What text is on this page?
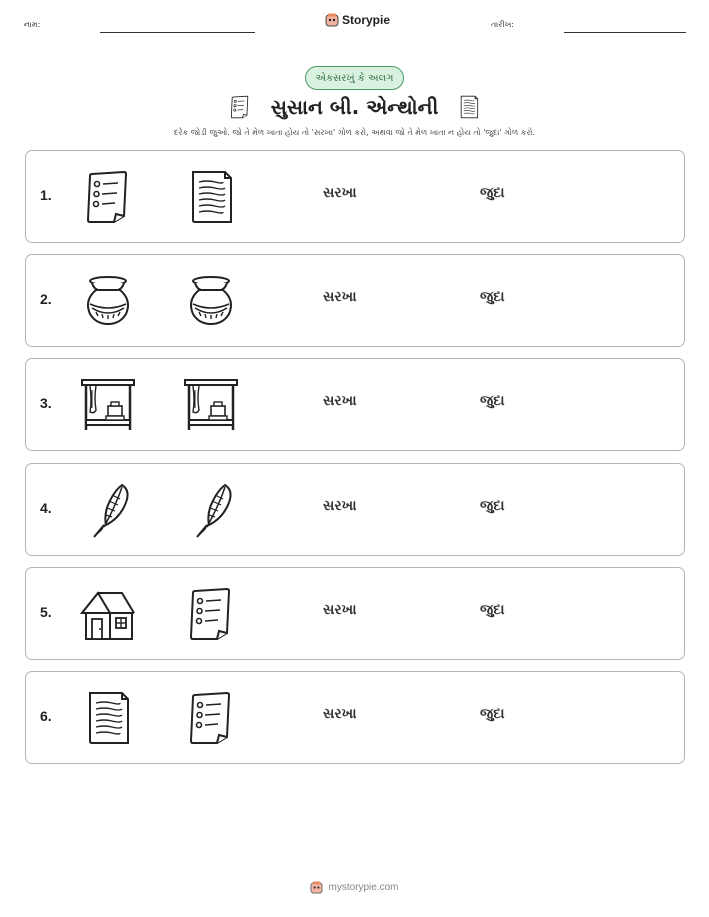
નામ:	Storypie	તારીખ:
એકસરખું કે અલગ
સુસાન બી. એન્થોની
દરેક જોડી જુઓ. જો તે મેળ ખાતા હોય તો 'સરખા' ગોળ કરો, અથવા જો તે મેળ ખાતા ન હોય તો 'જુદા' ગોળ કરો.
1.	સરખા	જુદા
2.	સરખા	જુદા
3.	સરખા	જુદા
4.	સરખા	જુદા
5.	સરખા	જુદા
6.	સરખા	જુદા
mystorypie.com
